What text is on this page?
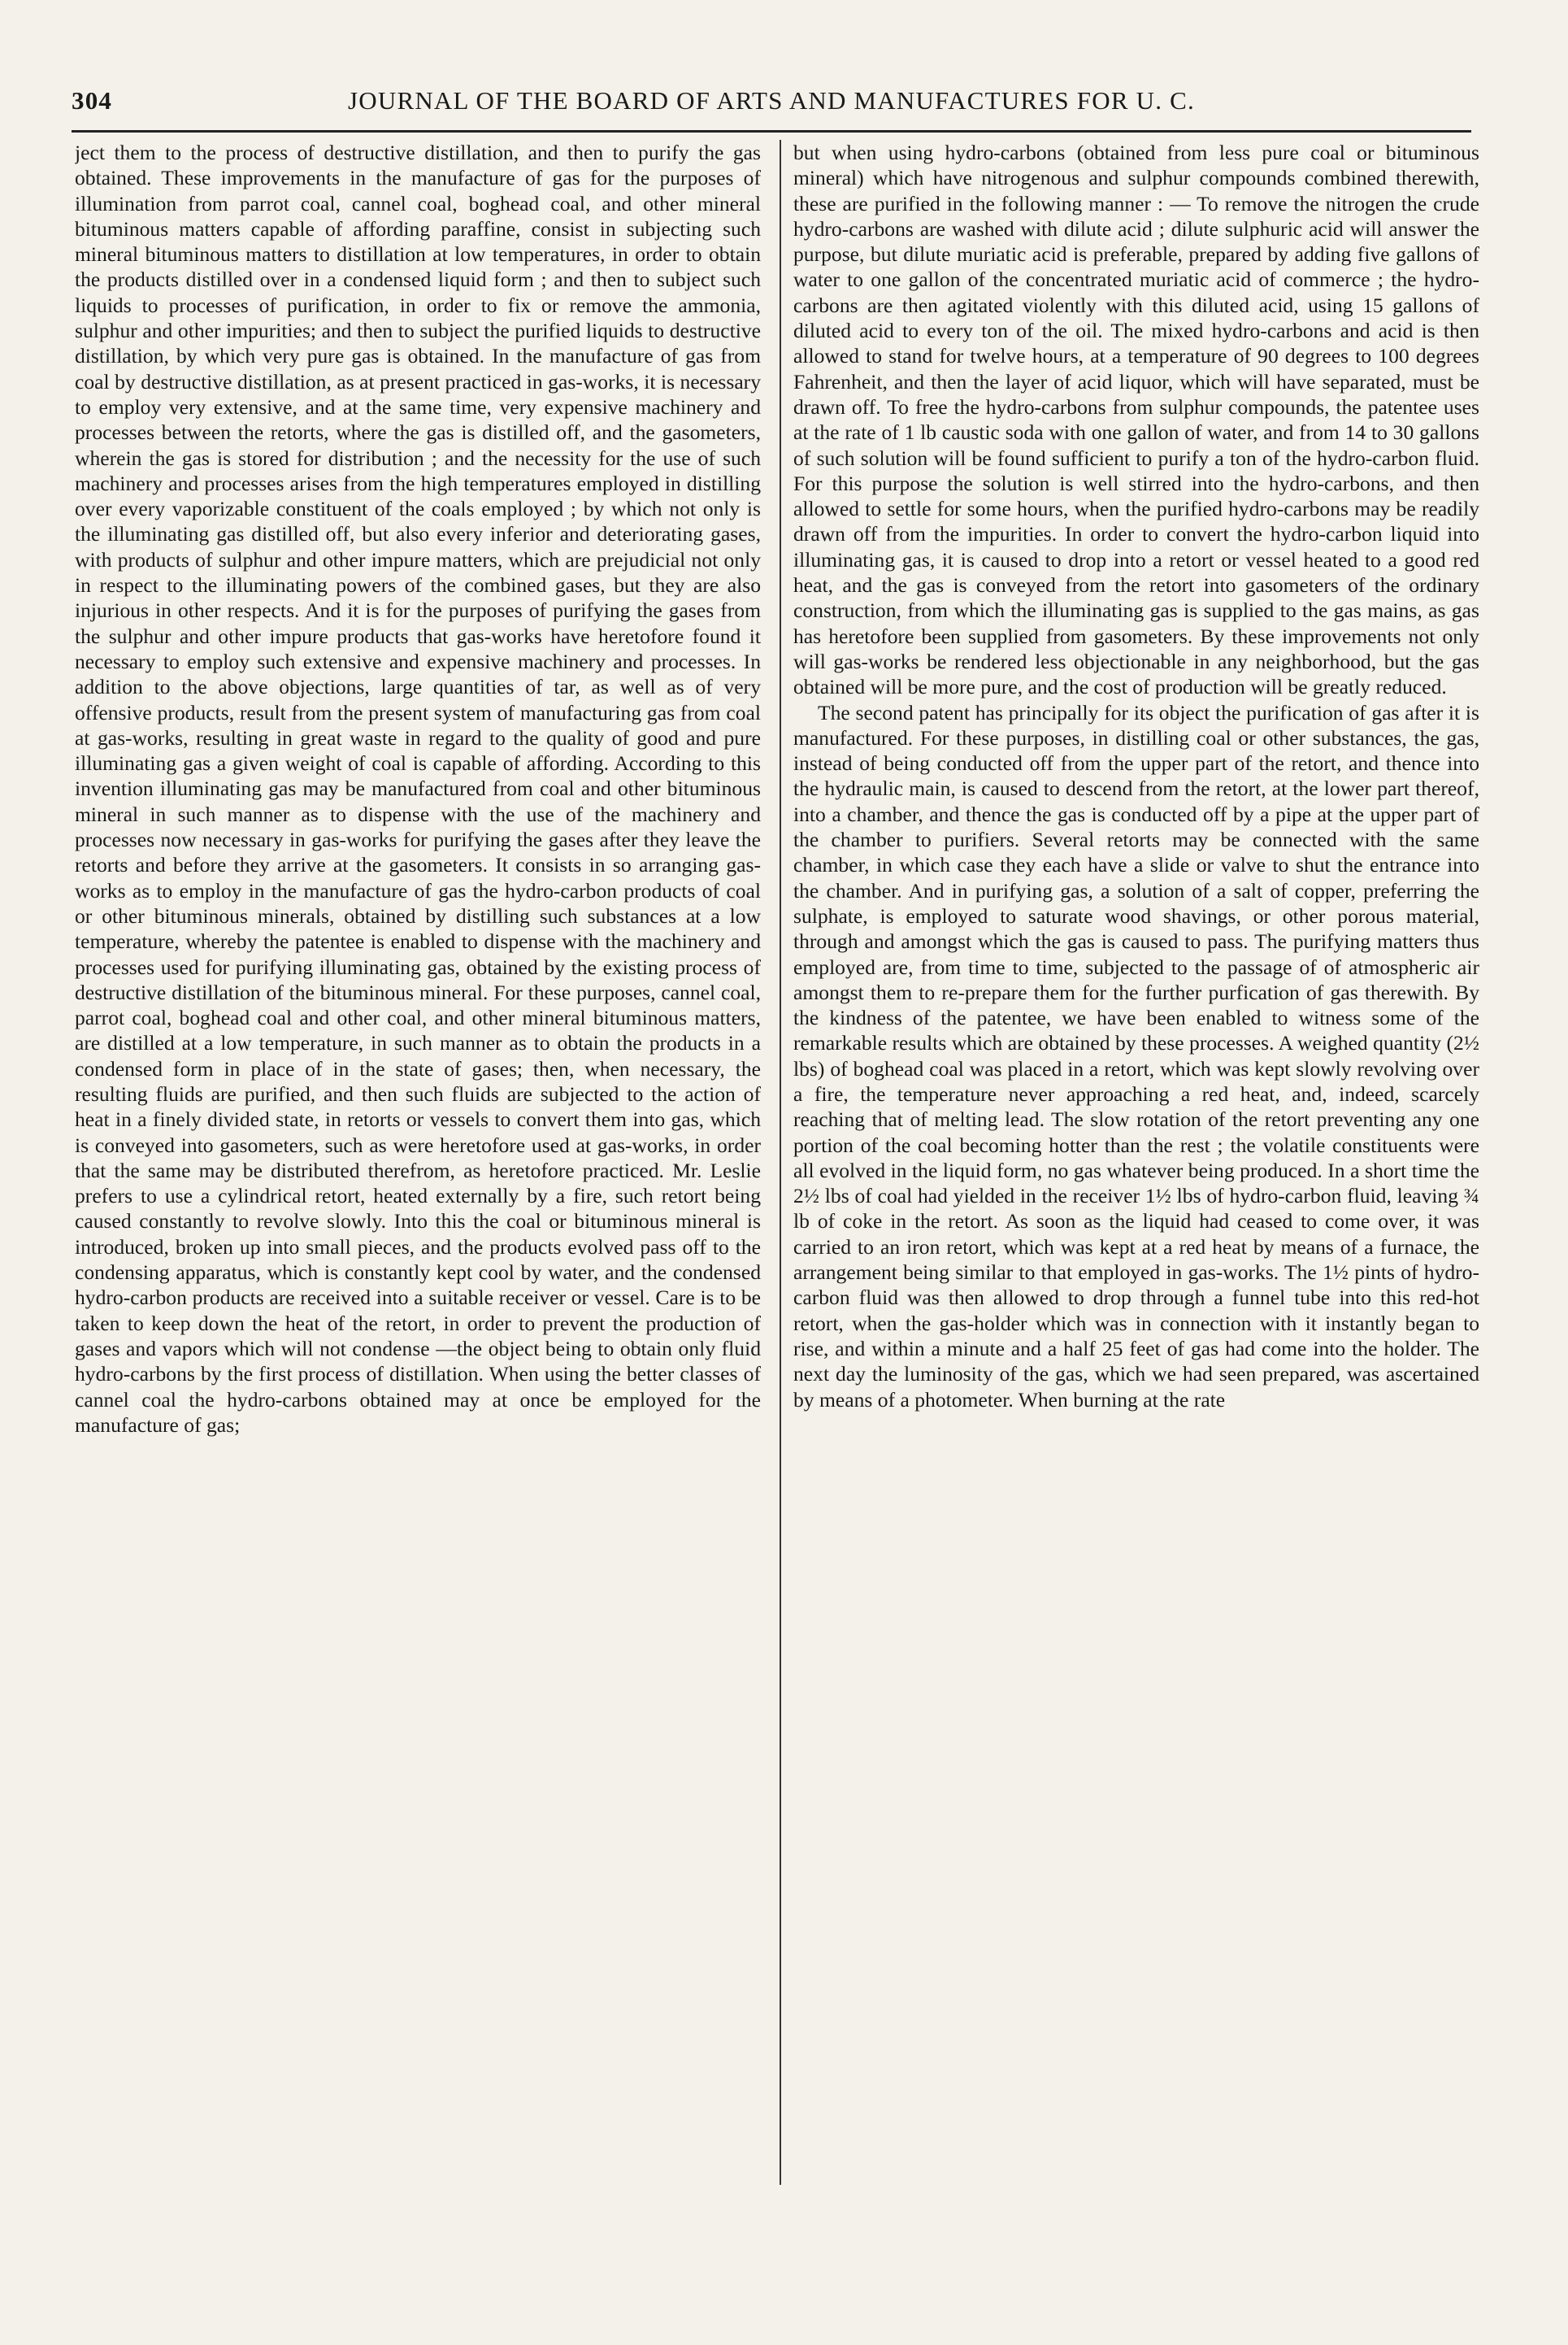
304	JOURNAL OF THE BOARD OF ARTS AND MANUFACTURES FOR U. C.

ject them to the process of destructive distillation, and then to purify the gas obtained. These improvements in the manufacture of gas for the purposes of illumination from parrot coal, cannel coal, boghead coal, and other mineral bituminous matters capable of affording paraffine, consist in subjecting such mineral bituminous matters to distillation at low temperatures, in order to obtain the products distilled over in a condensed liquid form ; and then to subject such liquids to processes of purification, in order to fix or remove the ammonia, sulphur and other impurities; and then to subject the purified liquids to destructive distillation, by which very pure gas is obtained. In the manufacture of gas from coal by destructive distillation, as at present practiced in gas-works, it is necessary to employ very extensive, and at the same time, very expensive machinery and processes between the retorts, where the gas is distilled off, and the gasometers, wherein the gas is stored for distribution ; and the necessity for the use of such machinery and processes arises from the high temperatures employed in distilling over every vaporizable constituent of the coals employed ; by which not only is the illuminating gas distilled off, but also every inferior and deteriorating gases, with products of sulphur and other impure matters, which are prejudicial not only in respect to the illuminating powers of the combined gases, but they are also injurious in other respects. And it is for the purposes of purifying the gases from the sulphur and other impure products that gas-works have heretofore found it necessary to employ such extensive and expensive machinery and processes. In addition to the above objections, large quantities of tar, as well as of very offensive products, result from the present system of manufacturing gas from coal at gas-works, resulting in great waste in regard to the quality of good and pure illuminating gas a given weight of coal is capable of affording. According to this invention illuminating gas may be manufactured from coal and other bituminous mineral in such manner as to dispense with the use of the machinery and processes now necessary in gas-works for purifying the gases after they leave the retorts and before they arrive at the gasometers. It consists in so arranging gas-works as to employ in the manufacture of gas the hydro-carbon products of coal or other bituminous minerals, obtained by distilling such substances at a low temperature, whereby the patentee is enabled to dispense with the machinery and processes used for purifying illuminating gas, obtained by the existing process of destructive distillation of the bituminous mineral. For these purposes, cannel coal, parrot coal, boghead coal and other coal, and other mineral bituminous matters, are distilled at a low temperature, in such manner as to obtain the products in a condensed form in place of in the state of gases; then, when necessary, the resulting fluids are purified, and then such fluids are subjected to the action of heat in a finely divided state, in retorts or vessels to convert them into gas, which is conveyed into gasometers, such as were heretofore used at gas-works, in order that the same may be distributed therefrom, as heretofore practiced. Mr. Leslie prefers to use a cylindrical retort, heated externally by a fire, such retort being caused constantly to revolve slowly. Into this the coal or bituminous mineral is introduced, broken up into small pieces, and the products evolved pass off to the condensing apparatus, which is constantly kept cool by water, and the condensed hydro-carbon products are received into a suitable receiver or vessel. Care is to be taken to keep down the heat of the retort, in order to prevent the production of gases and vapors which will not condense —the object being to obtain only fluid hydro-carbons by the first process of distillation. When using the better classes of cannel coal the hydro-carbons obtained may at once be employed for the manufacture of gas;

but when using hydro-carbons (obtained from less pure coal or bituminous mineral) which have nitrogenous and sulphur compounds combined therewith, these are purified in the following manner : — To remove the nitrogen the crude hydro-carbons are washed with dilute acid ; dilute sulphuric acid will answer the purpose, but dilute muriatic acid is preferable, prepared by adding five gallons of water to one gallon of the concentrated muriatic acid of commerce ; the hydro-carbons are then agitated violently with this diluted acid, using 15 gallons of diluted acid to every ton of the oil. The mixed hydro-carbons and acid is then allowed to stand for twelve hours, at a temperature of 90 degrees to 100 degrees Fahrenheit, and then the layer of acid liquor, which will have separated, must be drawn off. To free the hydro-carbons from sulphur compounds, the patentee uses at the rate of 1 lb caustic soda with one gallon of water, and from 14 to 30 gallons of such solution will be found sufficient to purify a ton of the hydro-carbon fluid. For this purpose the solution is well stirred into the hydro-carbons, and then allowed to settle for some hours, when the purified hydro-carbons may be readily drawn off from the impurities. In order to convert the hydro-carbon liquid into illuminating gas, it is caused to drop into a retort or vessel heated to a good red heat, and the gas is conveyed from the retort into gasometers of the ordinary construction, from which the illuminating gas is supplied to the gas mains, as gas has heretofore been supplied from gasometers. By these improvements not only will gas-works be rendered less objectionable in any neighborhood, but the gas obtained will be more pure, and the cost of production will be greatly reduced.

The second patent has principally for its object the purification of gas after it is manufactured. For these purposes, in distilling coal or other substances, the gas, instead of being conducted off from the upper part of the retort, and thence into the hydraulic main, is caused to descend from the retort, at the lower part thereof, into a chamber, and thence the gas is conducted off by a pipe at the upper part of the chamber to purifiers. Several retorts may be connected with the same chamber, in which case they each have a slide or valve to shut the entrance into the chamber. And in purifying gas, a solution of a salt of copper, preferring the sulphate, is employed to saturate wood shavings, or other porous material, through and amongst which the gas is caused to pass. The purifying matters thus employed are, from time to time, subjected to the passage of of atmospheric air amongst them to re-prepare them for the further purfication of gas therewith. By the kindness of the patentee, we have been enabled to witness some of the remarkable results which are obtained by these processes. A weighed quantity (2½ lbs) of boghead coal was placed in a retort, which was kept slowly revolving over a fire, the temperature never approaching a red heat, and, indeed, scarcely reaching that of melting lead. The slow rotation of the retort preventing any one portion of the coal becoming hotter than the rest ; the volatile constituents were all evolved in the liquid form, no gas whatever being produced. In a short time the 2½ lbs of coal had yielded in the receiver 1½ lbs of hydro-carbon fluid, leaving ¾ lb of coke in the retort. As soon as the liquid had ceased to come over, it was carried to an iron retort, which was kept at a red heat by means of a furnace, the arrangement being similar to that employed in gas-works. The 1½ pints of hydro-carbon fluid was then allowed to drop through a funnel tube into this red-hot retort, when the gas-holder which was in connection with it instantly began to rise, and within a minute and a half 25 feet of gas had come into the holder. The next day the luminosity of the gas, which we had seen prepared, was ascertained by means of a photometer. When burning at the rate
